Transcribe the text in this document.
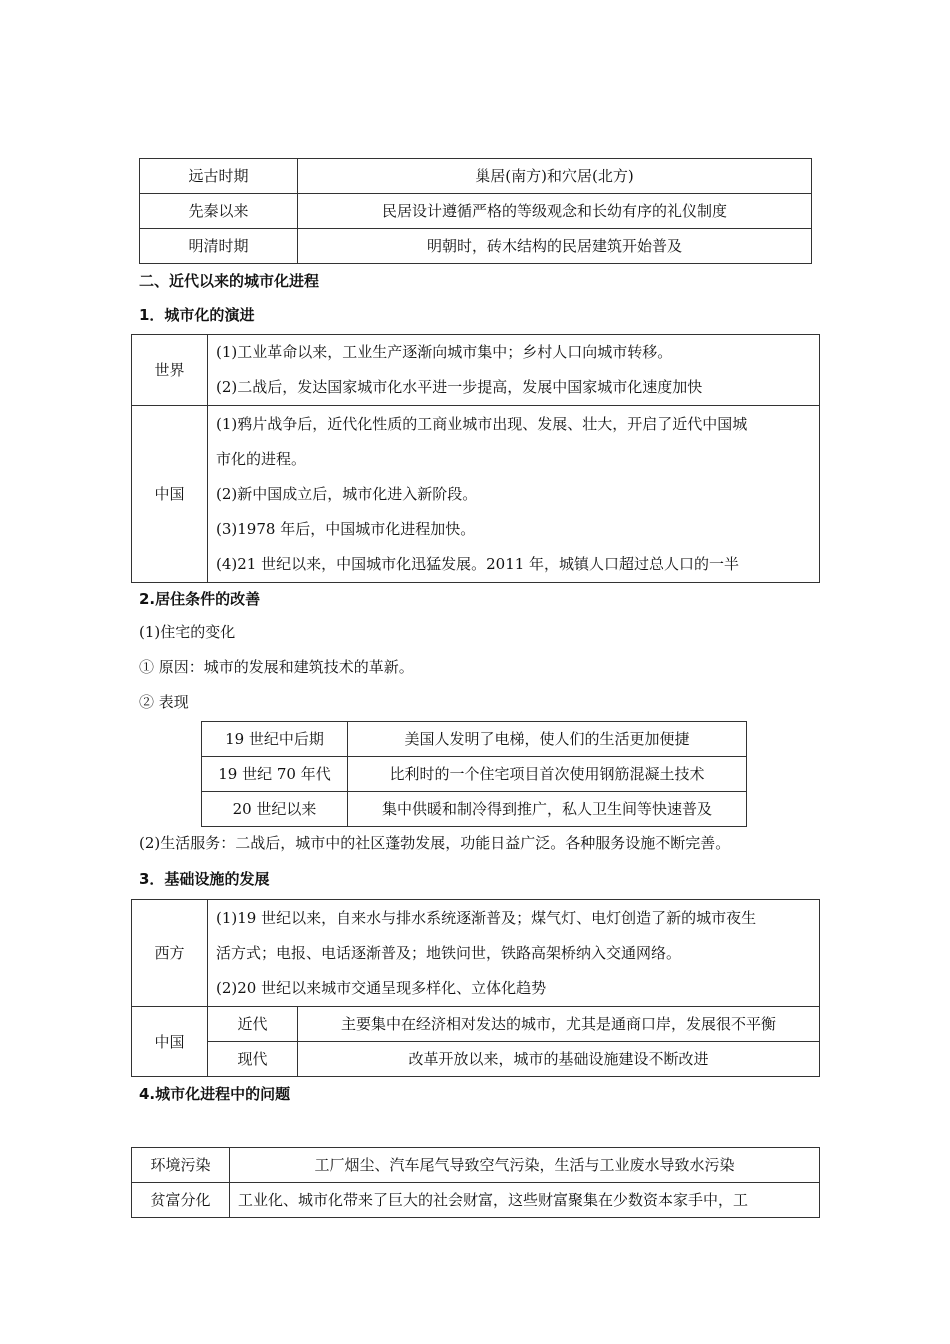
远古时期	巢居(南方)和穴居(北方)
先秦以来	民居设计遵循严格的等级观念和长幼有序的礼仪制度
明清时期	明朝时，砖木结构的民居建筑开始普及
二、近代以来的城市化进程
1．城市化的演进
世界	(1)工业革命以来，工业生产逐渐向城市集中；乡村人口向城市转移。

(2)二战后，发达国家城市化水平进一步提高，发展中国家城市化速度加快

中国	(1)鸦片战争后，近代化性质的工商业城市出现、发展、壮大，开启了近代中国城

市化的进程。

(2)新中国成立后，城市化进入新阶段。

(3)1978 年后，中国城市化进程加快。

(4)21 世纪以来，中国城市化迅猛发展。2011 年，城镇人口超过总人口的一半

2.居住条件的改善
(1)住宅的变化
① 原因：城市的发展和建筑技术的革新。
② 表现
19 世纪中后期	美国人发明了电梯，使人们的生活更加便捷
19 世纪 70 年代	比利时的一个住宅项目首次使用钢筋混凝土技术
20 世纪以来	集中供暖和制冷得到推广，私人卫生间等快速普及
(2)生活服务：二战后，城市中的社区蓬勃发展，功能日益广泛。各种服务设施不断完善。
3．基础设施的发展
西方	(1)19 世纪以来，自来水与排水系统逐渐普及；煤气灯、电灯创造了新的城市夜生

活方式；电报、电话逐渐普及；地铁问世，铁路高架桥纳入交通网络。

(2)20 世纪以来城市交通呈现多样化、立体化趋势	

中国	近代	主要集中在经济相对发达的城市，尤其是通商口岸，发展很不平衡
	现代	改革开放以来，城市的基础设施建设不断改进
4.城市化进程中的问题
环境污染	工厂烟尘、汽车尾气导致空气污染，生活与工业废水导致水污染
贫富分化	工业化、城市化带来了巨大的社会财富，这些财富聚集在少数资本家手中，工
